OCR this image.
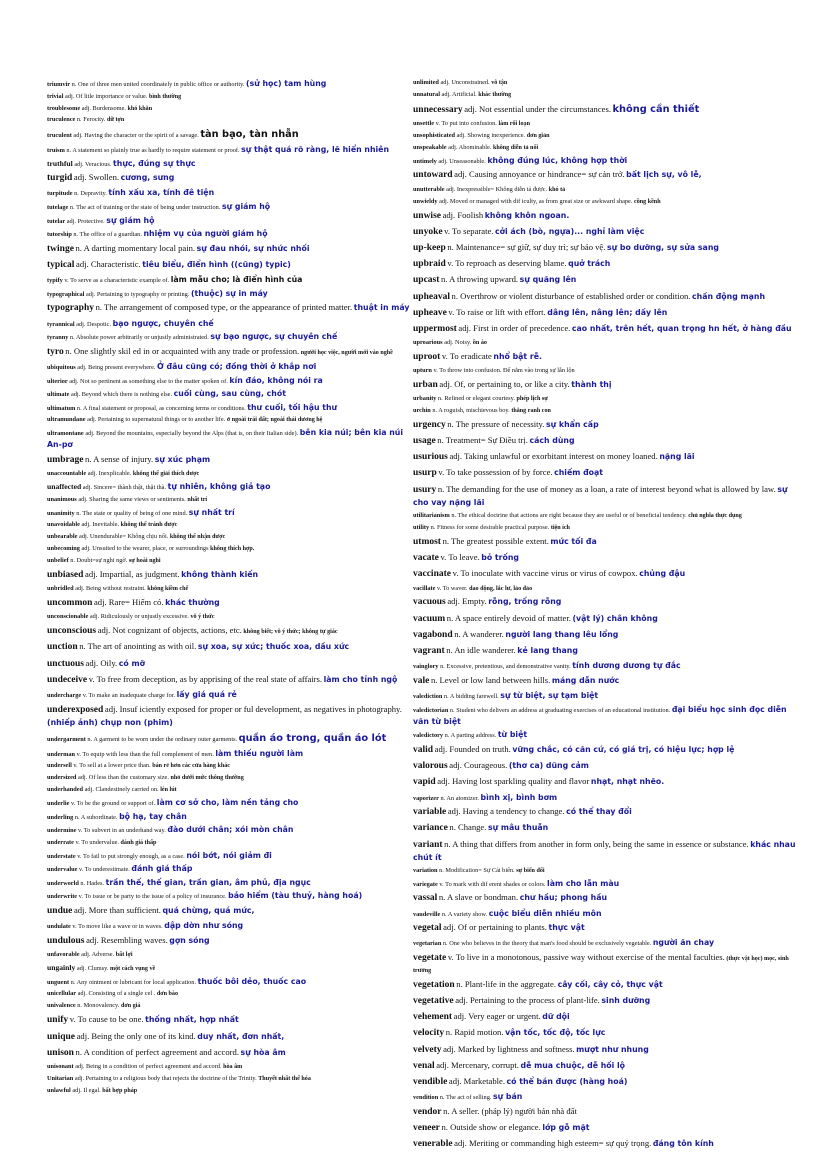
triumvir n. One of three men united coordinately in public office or authority. (sử học) tam hùng
trivial adj. Of litle importance or value. bình thường
troublesome adj. Burdensome. khó khăn
truculence n. Ferocity. dữ tợn
truculent adj. Having the character or the spirit of a savage. tàn bạo, tàn nhẫn
truism n. A statement so plainly true as hardly to require statement or proof. sự thật quá rõ ràng, lẽ hiển nhiên
truthful adj. Veracious. thực, đúng sự thực
turgid adj. Swollen. cương, sưng
turpitude n. Depravity. tính xấu xa, tính đê tiện
tutelage n. The act of training or the state of being under instruction. sự giám hộ
tutelar adj. Protective. sự giám hộ
tutorship n. The office of a guardian. nhiệm vụ của người giám hộ
twinge n. A darting momentary local pain. sự đau nhói, sự nhức nhối
typical adj. Characteristic. tiêu biểu, điển hình ((cũng) typic)
typify v. To serve as a characteristic example of. làm mẫu cho; là điển hình của
typographical adj. Pertaining to typography or printing. (thuộc) sự in máy
typography n. The arrangement of composed type, or the appearance of printed matter. thuật in máy
tyrannical adj. Despotic. bạo ngược, chuyên chế
tyranny n. Absolute power arbitrarily or unjustly administrated. sự bạo ngược, sự chuyên chế
tyro n. One slightly skil ed in or acquainted with any trade or profession. người học việc, người mới vào nghề
ubiquitous adj. Being present everywhere. Ở đâu cũng có; đồng thời ở khắp nơi
ulterior adj. Not so pertinent as something else to the matter spoken of. kín đáo, không nói ra
ultimate adj. Beyond which there is nothing else. cuối cùng, sau cùng, chót
ultimatum n. A final statement or proposal, as concerning terms or conditions. thư cuối, tối hậu thư
ultramundane adj. Pertaining to supernatural things or to another life. ở ngoài trái đất; ngoài thái dương hệ
ultramontane adj. Beyond the mountains, especially beyond the Alps (that is, on their Italian side). bên kia núi; bên kia núi An-pơ
umbrage n. A sense of injury. sự xúc phạm
unaccountable adj. Inexplicable. không thể giải thích được
unaffected adj. Sincere= thành thật, thật thà. tự nhiên, không giả tạo
unanimous adj. Sharing the same views or sentiments. nhất trí
unanimity n. The state or quality of being of one mind. sự nhất trí
unavoidable adj. Inevitable. không thể tránh được
unbearable adj. Unendurable= Không chịu nổi. không thể nhận được
unbecoming adj. Unsuited to the wearer, place, or surroundings không thích hợp.
unbelief n. Doubt=sự nghi ngờ. sự hoài nghi
unbiased adj. Impartial, as judgment. không thành kiến
unbridled adj. Being without restraint. không kiềm chế
uncommon adj. Rare= Hiếm có. khác thường
unconscionable adj. Ridiculously or unjustly excessive. vô ý thức
unconscious adj. Not cognizant of objects, actions, etc. không biết; vô ý thức; không tự giác
unction n. The art of anointing as with oil. sự xoa, sự xức; thuốc xoa, dầu xức
unctuous adj. Oily. có mỡ
undeceive v. To free from deception, as by apprising of the real state of affairs. làm cho tỉnh ngộ
undercharge v. To make an inadequate charge for. lấy giá quá rẻ
underexposed adj. Insuf iciently exposed for proper or ful development, as negatives in photography. (nhiếp ảnh) chụp non (phim)
undergarment n. A garment to be worn under the ordinary outer garments. quần áo trong, quần áo lót
underman v. To equip with less than the full complement of men. làm thiếu người làm
undersell v. To sell at a lower price than. bán rẻ hơn các cửa hàng khác
undersized adj. Of less than the customary size. nhỏ dưới mức thông thường
underhanded adj. Clandestinely carried on. lén lút
underlie v. To be the ground or support of. làm cơ sở cho, làm nền tảng cho
underling n. A subordinate. bộ hạ, tay chân
undermine v. To subvert in an underhand way. đào dưới chân; xói mòn chân
underrate v. To undervalue. đánh giá thấp
understate v. To fail to put strongly enough, as a case. nói bớt, nói giảm đi
undervalue v. To underestimate. đánh giá thấp
underworld n. Hades. trần thế, thế gian, trần gian, âm phủ, địa ngục
underwrite v. To issue or be party to the issue of a policy of insurance. bảo hiểm (tàu thuỷ, hàng hoá)
undue adj. More than sufficient. quá chừng, quá mức,
undulate v. To move like a wave or in waves. dập dờn như sóng
undulous adj. Resembling waves. gợn sóng
unfavorable adj. Adverse. bất lợi
ungainly adj. Clumsy. một cách vụng về
unguent n. Any ointment or lubricant for local application. thuốc bôi dẻo, thuốc cao
unicellular adj. Consisting of a single cel . đơn bào
univalence n. Monovalency. đơn giá
unify v. To cause to be one. thống nhất, hợp nhất
unique adj. Being the only one of its kind. duy nhất, đơn nhất,
unison n. A condition of perfect agreement and accord. sự hòa âm
unisonant adj. Being in a condition of perfect agreement and accord. hòa âm
Unitarian adj. Pertaining to a religious body that rejects the doctrine of the Trinity. Thuyết nhất thể hóa
unlawful adj. Il egal. bất hợp pháp
unlimited adj. Unconstrained. vô tận
unnatural adj. Artificial. khác thường
unnecessary adj. Not essential under the circumstances. không cần thiết
unsettle v. To put into confusion. làm rối loạn
unsophisticated adj. Showing inexperience. đơn giản
unspeakable adj. Abominable. không diễn tả nổi
untimely adj. Unseasonable. không đúng lúc, không hợp thời
untoward adj. Causing annoyance or hindrance= sự cản trở. bất lịch sự, vô lễ,
unutterable adj. Inexpressible= Không diễn tả được. khó tả
unwieldy adj. Moved or managed with dif iculty, as from great size or awkward shape. cồng kềnh
unwise adj. Foolish không khôn ngoan.
unyoke v. To separate. cởi ách (bò, ngựa)... nghỉ làm việc
up-keep n. Maintenance= sự giữ, sự duy trì; sự bảo vệ. sự bo dưỡng, sự sửa sang
upbraid v. To reproach as deserving blame. quở trách
upcast n. A throwing upward. sự quăng lên
upheaval n. Overthrow or violent disturbance of established order or condition. chấn động mạnh
upheave v. To raise or lift with effort. dâng lên, nâng lên; dấy lên
uppermost adj. First in order of precedence. cao nhất, trên hết, quan trọng hn hết, ở hàng đầu
uproarious adj. Noisy. ồn ào
uproot v. To eradicate nhổ bật rễ.
upturn v. To throw into confusion. Để nằm vào trong sự lẫn lộn
urban adj. Of, or pertaining to, or like a city. thành thị
urbanity n. Refined or elegant courtesy. phép lịch sự
urchin n. A roguish, mischievous boy. thằng ranh con
urgency n. The pressure of necessity. sự khẩn cấp
usage n. Treatment= Sự Điều trị. cách dùng
usurious adj. Taking unlawful or exorbitant interest on money loaned. nặng lãi
usurp v. To take possession of by force. chiếm đoạt
usury n. The demanding for the use of money as a loan, a rate of interest beyond what is allowed by law. sự cho vay nặng lãi
utilitarianism n. The ethical doctrine that actions are right because they are useful or of beneficial tendency. chủ nghĩa thực dụng
utility n. Fitness for some desirable practical purpose. tiện ích
utmost n. The greatest possible extent. mức tối đa
vacate v. To leave. bỏ trống
vaccinate v. To inoculate with vaccine virus or virus of cowpox. chủng đậu
vacillate v. To waver. dao động, lắc lư, lảo đảo
vacuous adj. Empty. rỗng, trống rỗng
vacuum n. A space entirely devoid of matter. (vật lý) chân không
vagabond n. A wanderer. người lang thang lêu lổng
vagrant n. An idle wanderer. kẻ lang thang
vainglory n. Excessive, pretentious, and demonstrative vanity. tính dương dương tự đắc
vale n. Level or low land between hills. máng dẫn nước
valediction n. A bidding farewell. sự từ biệt, sự tạm biệt
valedictorian n. Student who delivers an address at graduating exercises of an educational institution. đại biểu học sinh đọc diễn văn từ biệt
valedictory n. A parting address. từ biệt
valid adj. Founded on truth. vững chắc, có căn cứ, có giá trị, có hiệu lực; hợp lệ
valorous adj. Courageous. (thơ ca) dũng cảm
vapid adj. Having lost sparkling quality and flavor nhạt, nhạt nhẽo.
vaporizer n. An atomizer. bình xị, bình bơm
variable adj. Having a tendency to change. có thể thay đổi
variance n. Change. sự mâu thuẫn
variant n. A thing that differs from another in form only, being the same in essence or substance. khác nhau chút ít
variation n. Modification= Sự Cải biến. sự biến đổi
variegate v. To mark with dif erent shades or colors. làm cho lẫn màu
vassal n. A slave or bondman. chư hầu; phong hầu
vaudeville n. A variety show. cuộc biểu diễn nhiều môn
vegetal adj. Of or pertaining to plants. thực vật
vegetarian n. One who believes in the theory that man's food should be exclusively vegetable. người ăn chay
vegetate v. To live in a monotonous, passive way without exercise of the mental faculties. (thực vật học) mọc, sinh trưởng
vegetation n. Plant-life in the aggregate. cây cối, cây cỏ, thực vật
vegetative adj. Pertaining to the process of plant-life. sinh dưỡng
vehement adj. Very eager or urgent. dữ dội
velocity n. Rapid motion. vận tốc, tốc độ, tốc lực
velvety adj. Marked by lightness and softness. mượt như nhung
venal adj. Mercenary, corrupt. dễ mua chuộc, dễ hối lộ
vendible adj. Marketable. có thể bán được (hàng hoá)
vendition n. The act of selling. sự bán
vendor n. A seller. (pháp lý) người bán nhà đất
veneer n. Outside show or elegance. lớp gỗ mặt
venerable adj. Meriting or commanding high esteem= sự quý trọng. đáng tôn kính
